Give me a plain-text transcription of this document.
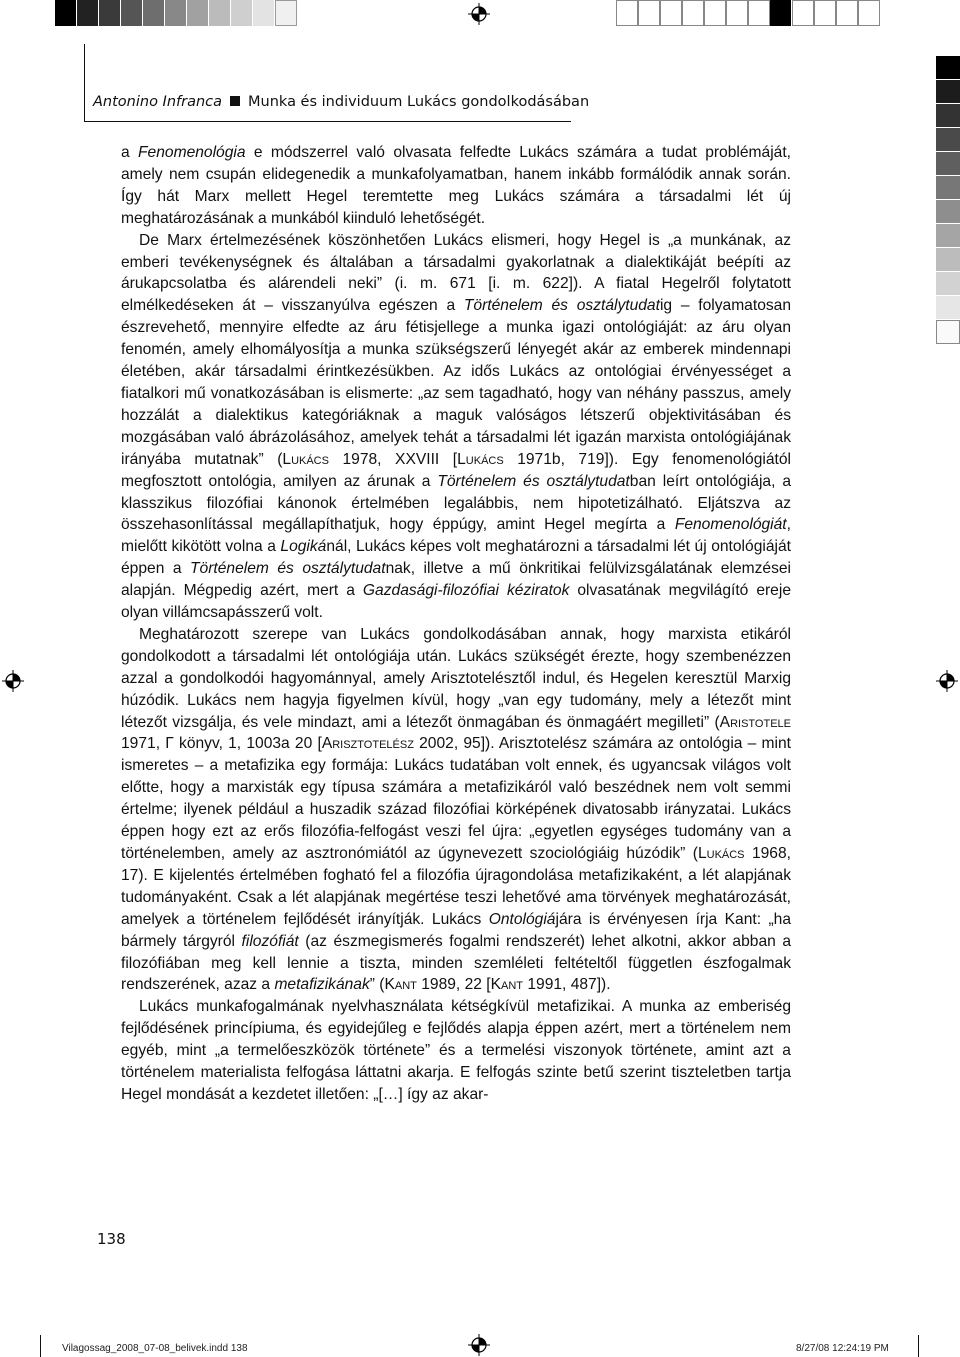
Antonino Infranca Munka és individuum Lukács gondolkodásában

a Fenomenológia e módszerrel való olvasata felfedte Lukács számára a tudat problémáját, amely nem csupán elidegenedik a munkafolyamatban, hanem inkább formálódik annak során. Így hát Marx mellett Hegel teremtette meg Lukács számára a társadalmi lét új meghatározásának a munkából kiinduló lehetőségét.

De Marx értelmezésének köszönhetően Lukács elismeri, hogy Hegel is „a munkának, az emberi tevékenységnek és általában a társadalmi gyakorlatnak a dialektikáját beépíti az árukapcsolatba és alárendeli neki” (i. m. 671 [i. m. 622]). A fiatal Hegelről folytatott elmélkedéseken át – visszanyúlva egészen a Történelem és osztálytudatig – folyamatosan észrevehető, mennyire elfedte az áru fétisjellege a munka igazi ontológiáját: az áru olyan fenomén, amely elhomályosítja a munka szükségszerű lényegét akár az emberek mindennapi életében, akár társadalmi érintkezésükben. Az idős Lukács az ontológiai érvényességet a fiatalkori mű vonatkozásában is elismerte: „az sem tagadható, hogy van néhány passzus, amely hozzálát a dialektikus kategóriáknak a maguk valóságos létszerű objektivitásában és mozgásában való ábrázolásához, amelyek tehát a társadalmi lét igazán marxista ontológiájának irányába mutatnak” (Lukács 1978, XXVIII [Lukács 1971b, 719]). Egy fenomenológiától megfosztott ontológia, amilyen az árunak a Történelem és osztálytudatban leírt ontológiája, a klasszikus filozófiai kánonok értelmében legalábbis, nem hipotetizálható. Eljátszva az összehasonlítással megállapíthatjuk, hogy éppúgy, amint Hegel megírta a Fenomenológiát, mielőtt kikötött volna a Logikánál, Lukács képes volt meghatározni a társadalmi lét új ontológiáját éppen a Történelem és osztálytudatnak, illetve a mű önkritikai felülvizsgálatának elemzései alapján. Mégpedig azért, mert a Gazdasági-filozófiai kéziratok olvasatának megvilágító ereje olyan villámcsapásszerű volt.

Meghatározott szerepe van Lukács gondolkodásában annak, hogy marxista etikáról gondolkodott a társadalmi lét ontológiája után. Lukács szükségét érezte, hogy szembenézzen azzal a gondolkodói hagyománnyal, amely Arisztotelésztől indul, és Hegelen keresztül Marxig húzódik. Lukács nem hagyja figyelmen kívül, hogy „van egy tudomány, mely a létezőt mint létezőt vizsgálja, és vele mindazt, ami a létezőt önmagában és önmagáért megilleti” (Aristotele 1971, Γ könyv, 1, 1003a 20 [Arisztotelész 2002, 95]). Arisztotelész számára az ontológia – mint ismeretes – a metafizika egy formája: Lukács tudatában volt ennek, és ugyancsak világos volt előtte, hogy a marxisták egy típusa számára a metafizikáról való beszédnek nem volt semmi értelme; ilyenek például a huszadik század filozófiai körképének divatosabb irányzatai. Lukács éppen hogy ezt az erős filozófia-felfogást veszi fel újra: „egyetlen egységes tudomány van a történelemben, amely az asztronómiától az úgynevezett szociológiáig húzódik” (Lukács 1968, 17). E kijelentés értelmében fogható fel a filozófia újragondolása metafizikaként, a lét alapjának tudományaként. Csak a lét alapjának megértése teszi lehetővé ama törvények meghatározását, amelyek a történelem fejlődését irányítják. Lukács Ontológiájára is érvényesen írja Kant: „ha bármely tárgyról filozófiát (az észmegismerés fogalmi rendszerét) lehet alkotni, akkor abban a filozófiában meg kell lennie a tiszta, minden szemléleti feltételtől független észfogalmak rendszerének, azaz a metafizikának” (Kant 1989, 22 [Kant 1991, 487]).

Lukács munkafogalmának nyelvhasználata kétségkívül metafizikai. A munka az emberiség fejlődésének princípiuma, és egyidejűleg e fejlődés alapja éppen azért, mert a történelem nem egyéb, mint „a termelőeszközök története” és a termelési viszonyok története, amint azt a történelem materialista felfogása láttatni akarja. E felfogás szinte betű szerint tiszteletben tartja Hegel mondását a kezdetet illetően: „[…] így az akar-

138
Vilagossag_2008_07-08_belivek.indd 138	8/27/08 12:24:19 PM
